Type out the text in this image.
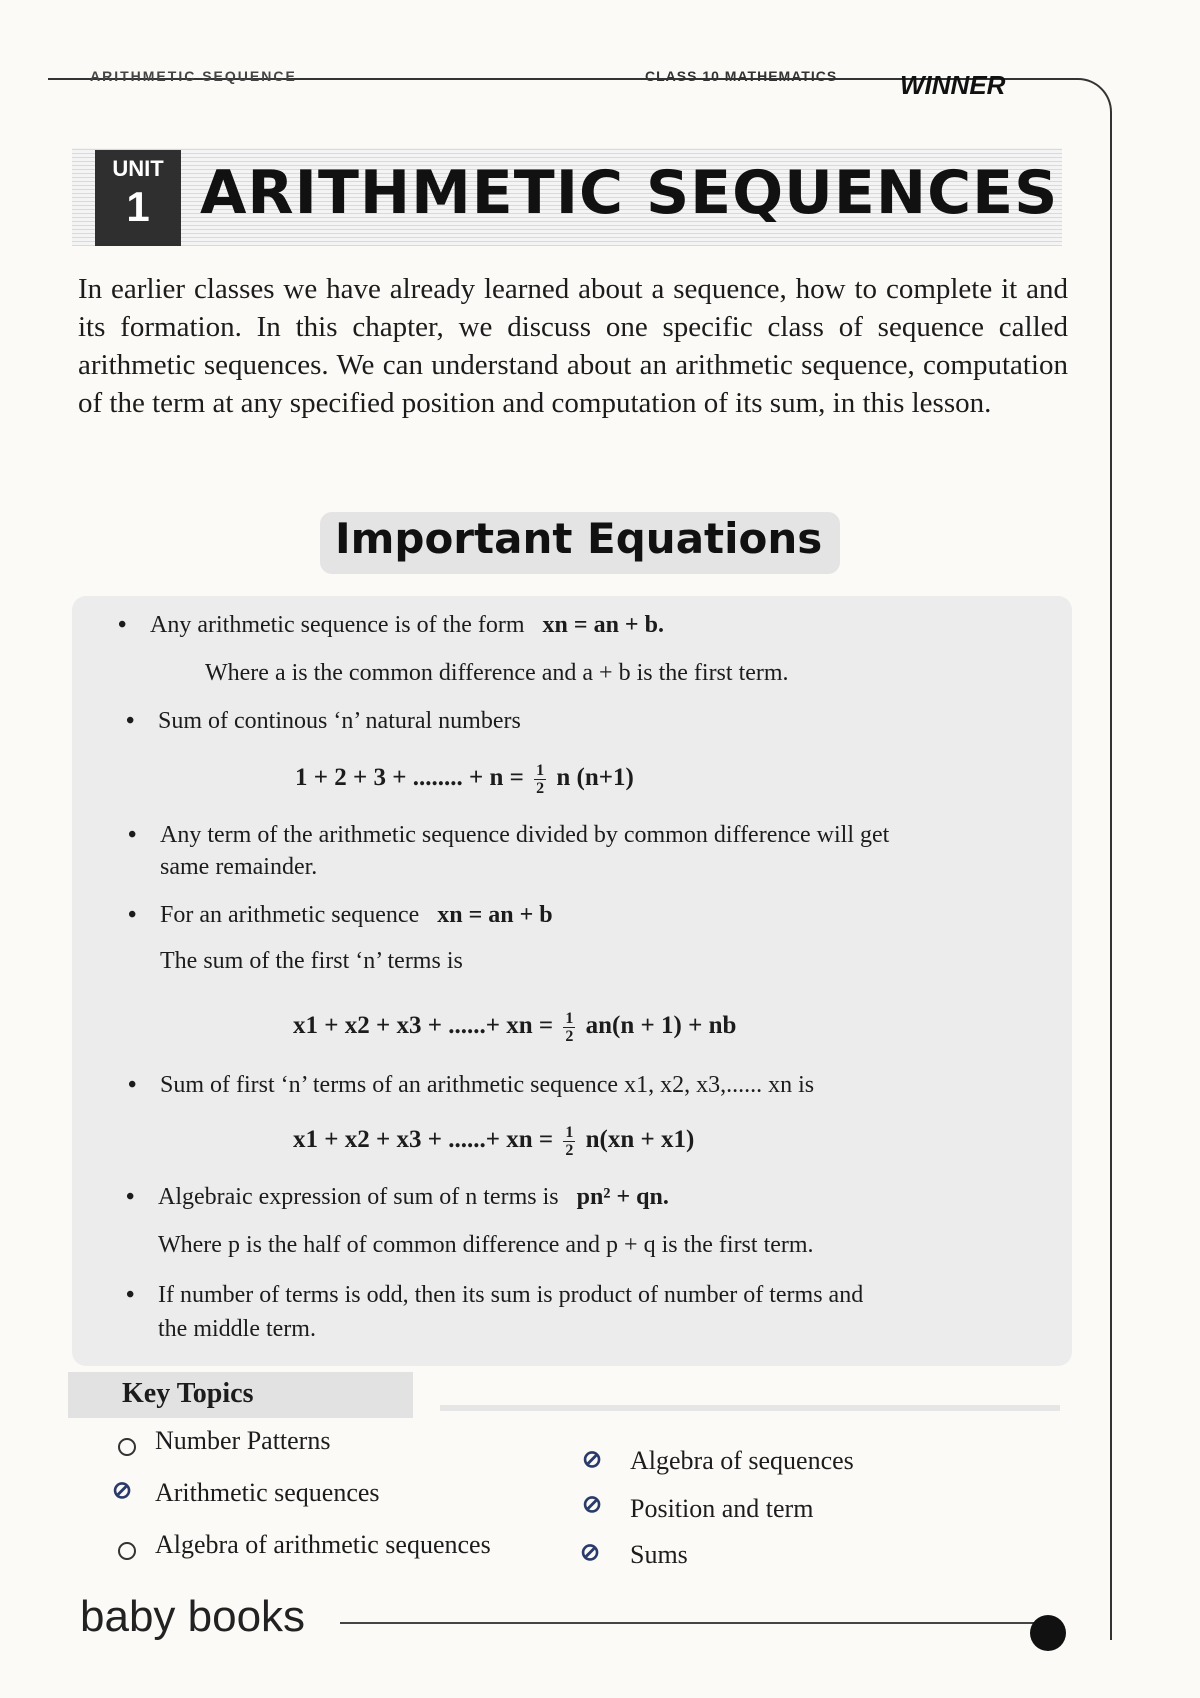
ARITHMETIC SEQUENCE	CLASS 10 MATHEMATICS WINNER
UNIT
1 ARITHMETIC SEQUENCES
In earlier classes we have already learned about a sequence, how to complete it and its formation. In this chapter, we discuss one specific class of sequence called arithmetic sequences. We can understand about an arithmetic sequence, computation of the term at any specified position and computation of its sum, in this lesson.
Important Equations
• Any arithmetic sequence is of the form xn = an + b.
Where a is the common difference and a + b is the first term.
• Sum of continous ‘n’ natural numbers
1 + 2 + 3 + ........ + $n = \frac{1}{2}$ n (n+1)
• Any term of the arithmetic sequence divided by common difference will get
same remainder.
• For an arithmetic sequence xn = an + b
The sum of the first ‘n’ terms is
x1 + x2 + x3 + ......+ xn = $\frac{1}{2} an(n + 1)$ + nb
• Sum of first ‘n’ terms of an arithmetic sequence x1, x2, x3,...... xn is
x1 + x2 + x3 + ......+ xn = $\frac{1}{2} n(xn + x1)$
• Algebraic expression of sum of n terms is pn² + qn.
Where p is the half of common difference and p + q is the first term.
• If number of terms is odd, then its sum is product of number of terms and
the middle term.
Key Topics
Number Patterns
⊘ Arithmetic sequences
Algebra of arithmetic sequences
⊘ Algebra of sequences
⊘ Position and term
⊘ Sums
baby books
